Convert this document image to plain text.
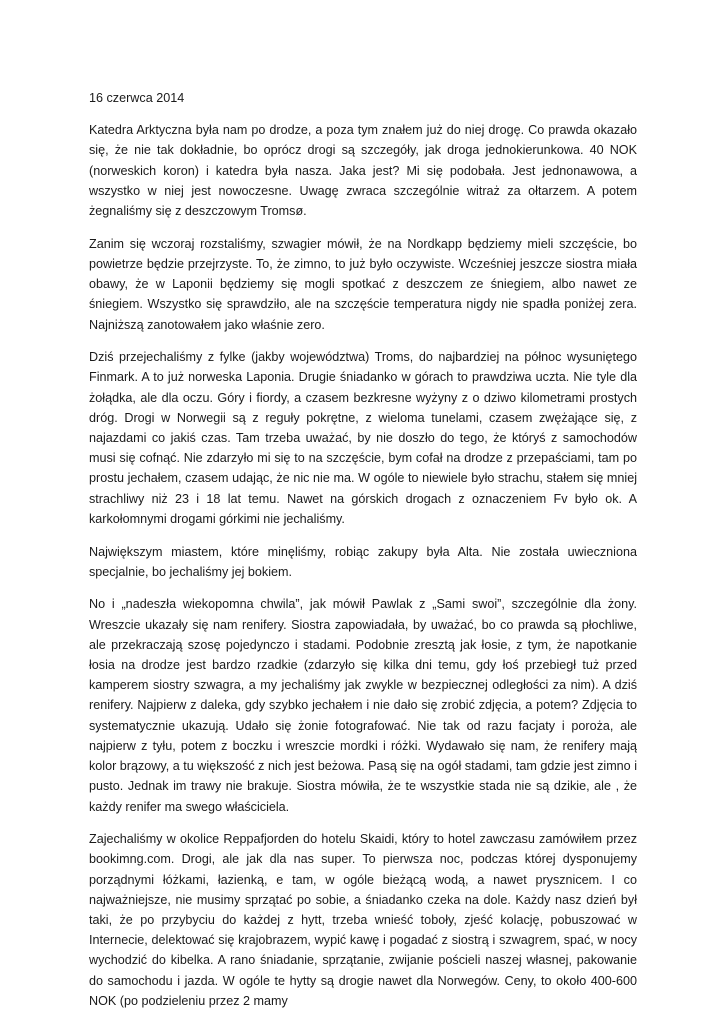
16 czerwca 2014

Katedra Arktyczna była nam po drodze, a poza tym znałem już do niej drogę. Co prawda okazało się, że nie tak dokładnie, bo oprócz drogi są szczegóły, jak droga jednokierunkowa. 40 NOK (norweskich koron) i katedra była nasza. Jaka jest? Mi się podobała. Jest jednonawowa, a wszystko w niej jest nowoczesne. Uwagę zwraca szczególnie witraż za ołtarzem. A potem żegnaliśmy się z deszczowym Tromsø.

Zanim się wczoraj rozstaliśmy, szwagier mówił, że na Nordkapp będziemy mieli szczęście, bo powietrze będzie przejrzyste. To, że zimno, to już było oczywiste. Wcześniej jeszcze siostra miała obawy, że w Laponii będziemy się mogli spotkać z deszczem ze śniegiem, albo nawet ze śniegiem. Wszystko się sprawdziło, ale na szczęście temperatura nigdy nie spadła poniżej zera. Najniższą zanotowałem jako właśnie zero.

Dziś przejechaliśmy z fylke (jakby województwa) Troms, do najbardziej na północ wysuniętego Finmark. A to już norweska Laponia. Drugie śniadanko w górach to prawdziwa uczta. Nie tyle dla żołądka, ale dla oczu. Góry i fiordy, a czasem bezkresne wyżyny z o dziwo kilometrami prostych dróg. Drogi w Norwegii są z reguły pokrętne, z wieloma tunelami, czasem zwężające się, z najazdami co jakiś czas. Tam trzeba uważać, by nie doszło do tego, że któryś z samochodów musi się cofnąć. Nie zdarzyło mi się to na szczęście, bym cofał na drodze z przepaściami, tam po prostu jechałem, czasem udając, że nic nie ma. W ogóle to niewiele było strachu, stałem się mniej strachliwy niż 23 i 18 lat temu. Nawet na górskich drogach z oznaczeniem Fv było ok. A karkołomnymi drogami górkimi nie jechaliśmy.

Największym miastem, które minęliśmy, robiąc zakupy była Alta. Nie została uwieczniona specjalnie, bo jechaliśmy jej bokiem.

No i „nadeszła wiekopomna chwila”, jak mówił Pawlak z „Sami swoi”, szczególnie dla żony. Wreszcie ukazały się nam renifery. Siostra zapowiadała, by uważać, bo co prawda są płochliwe, ale przekraczają szosę pojedynczo i stadami. Podobnie zresztą jak łosie, z tym, że napotkanie łosia na drodze jest bardzo rzadkie (zdarzyło się kilka dni temu, gdy łoś przebiegł tuż przed kamperem siostry szwagra, a my jechaliśmy jak zwykle w bezpiecznej odległości za nim). A dziś renifery. Najpierw z daleka, gdy szybko jechałem i nie dało się zrobić zdjęcia, a potem? Zdjęcia to systematycznie ukazują. Udało się żonie fotografować. Nie tak od razu facjaty i poroża, ale najpierw z tyłu, potem z boczku i wreszcie mordki i różki. Wydawało się nam, że renifery mają kolor brązowy, a tu większość z nich jest beżowa. Pasą się na ogół stadami, tam gdzie jest zimno i pusto. Jednak im trawy nie brakuje. Siostra mówiła, że te wszystkie stada nie są dzikie, ale , że każdy renifer ma swego właściciela.

Zajechaliśmy w okolice Reppafjorden do hotelu Skaidi, który to hotel zawczasu zamówiłem przez bookimng.com. Drogi, ale jak dla nas super. To pierwsza noc, podczas której dysponujemy porządnymi łóżkami, łazienką, e tam, w ogóle bieżącą wodą, a nawet prysznicem. I co najważniejsze, nie musimy sprzątać po sobie, a śniadanko czeka na dole. Każdy nasz dzień był taki, że po przybyciu do każdej z hytt, trzeba wnieść toboły, zjeść kolację, pobuszować w Internecie, delektować się krajobrazem, wypić kawę i pogadać z siostrą i szwagrem, spać, w nocy wychodzić do kibelka. A rano śniadanie, sprzątanie, zwijanie pościeli naszej własnej, pakowanie do samochodu i jazda. W ogóle te hytty są drogie nawet dla Norwegów. Ceny, to około 400-600 NOK (po podzieleniu przez 2 mamy
